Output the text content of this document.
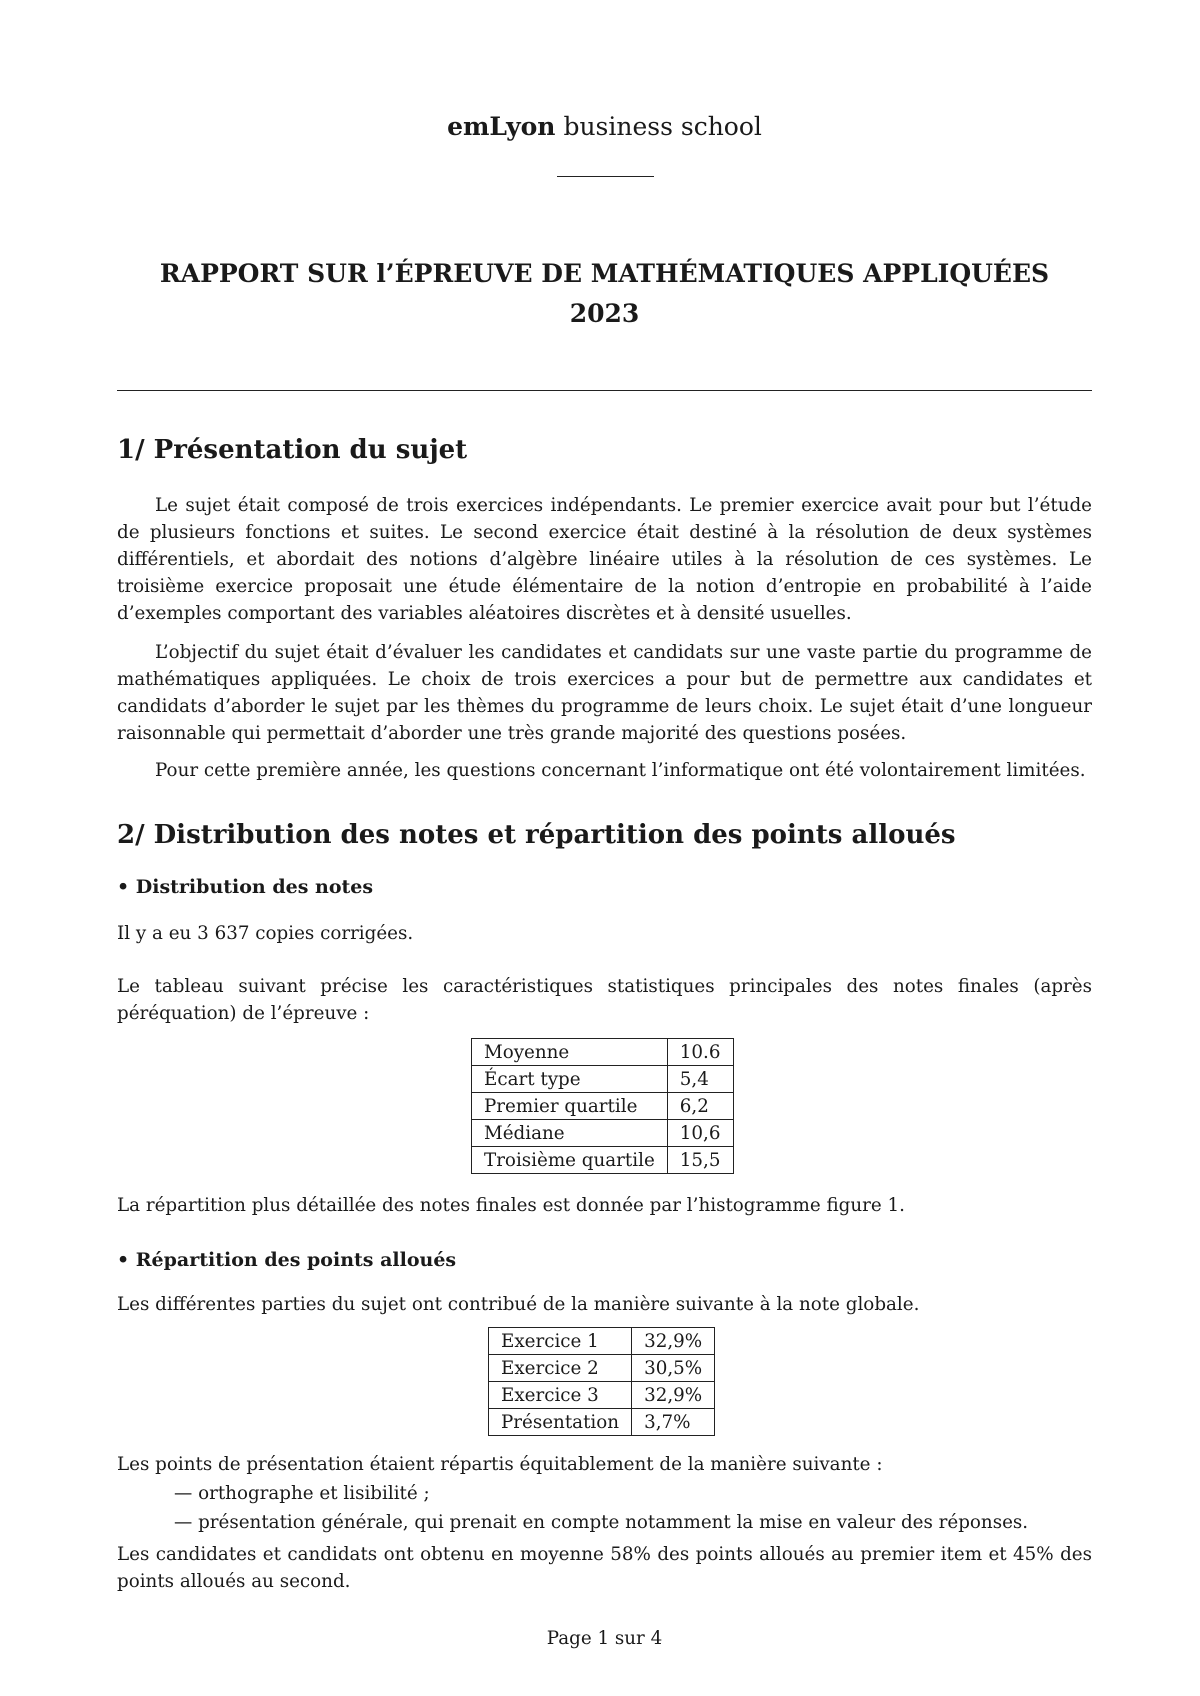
emLyon business school
RAPPORT SUR l’ÉPREUVE DE MATHÉMATIQUES APPLIQUÉES
2023
1/ Présentation du sujet

Le sujet était composé de trois exercices indépendants. Le premier exercice avait pour but l’étude de plusieurs fonctions et suites. Le second exercice était destiné à la résolution de deux systèmes différentiels, et abordait des notions d’algèbre linéaire utiles à la résolution de ces systèmes. Le troisième exercice proposait une étude élémentaire de la notion d’entropie en probabilité à l’aide d’exemples comportant des variables aléatoires discrètes et à densité usuelles.

L’objectif du sujet était d’évaluer les candidates et candidats sur une vaste partie du programme de mathématiques appliquées. Le choix de trois exercices a pour but de permettre aux candidates et candidats d’aborder le sujet par les thèmes du programme de leurs choix. Le sujet était d’une longueur raisonnable qui permettait d’aborder une très grande majorité des questions posées.

Pour cette première année, les questions concernant l’informatique ont été volontairement limitées.

2/ Distribution des notes et répartition des points alloués
• Distribution des notes

Il y a eu 3 637 copies corrigées.

Le tableau suivant précise les caractéristiques statistiques principales des notes finales (après péréquation) de l’épreuve :

Moyenne	10.6
Écart type	5,4
Premier quartile	6,2
Médiane	10,6
Troisième quartile	15,5

La répartition plus détaillée des notes finales est donnée par l’histogramme figure 1.

• Répartition des points alloués

Les différentes parties du sujet ont contribué de la manière suivante à la note globale.

Exercice 1	32,9%
Exercice 2	30,5%
Exercice 3	32,9%
Présentation	3,7%

Les points de présentation étaient répartis équitablement de la manière suivante :

— orthographe et lisibilité ;
— présentation générale, qui prenait en compte notamment la mise en valeur des réponses.

Les candidates et candidats ont obtenu en moyenne 58% des points alloués au premier item et 45% des points alloués au second.

Page 1 sur 4
